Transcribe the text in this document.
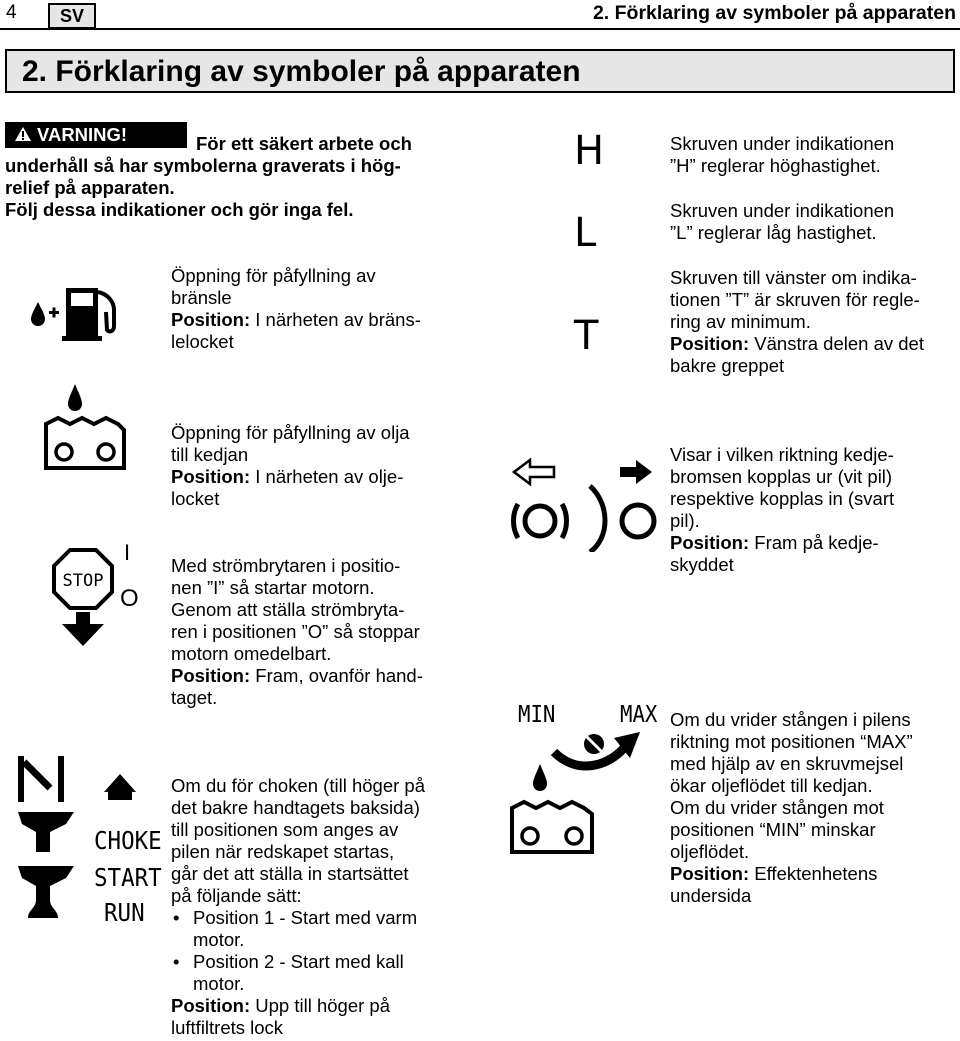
4	SV	2. Förklaring av symboler på apparaten
2. Förklaring av symboler på apparaten
VARNING!	För ett säkert arbete och
underhåll så har symbolerna graverats i hög-
relief på apparaten.
Följ dessa indikationer och gör inga fel.
Öppning för påfyllning av
bränsle
Position: I närheten av bräns-
lelocket
Öppning för påfyllning av olja
till kedjan
Position: I närheten av olje-
locket
STOP
I
O
Med strömbrytaren i positio-
nen ”I” så startar motorn.
Genom att ställa strömbryta-
ren i positionen ”O” så stoppar
motorn omedelbart.
Position: Fram, ovanför hand-
taget.
CHOKE
START
RUN
Om du för choken (till höger på
det bakre handtagets baksida)
till positionen som anges av
pilen när redskapet startas,
går det att ställa in startsättet
på följande sätt:
• Position 1 - Start med varm
motor.
• Position 2 - Start med kall
motor.
Position: Upp till höger på
luftfiltrets lock
H
L
T
Skruven under indikationen
”H” reglerar höghastighet.
Skruven under indikationen
”L” reglerar låg hastighet.
Skruven till vänster om indika-
tionen ”T” är skruven för regle-
ring av minimum.
Position: Vänstra delen av det
bakre greppet
Visar i vilken riktning kedje-
bromsen kopplas ur (vit pil)
respektive kopplas in (svart
pil).
Position: Fram på kedje-
skyddet
MIN	MAX Om du vrider stången i pilens
riktning mot positionen “MAX”
med hjälp av en skruvmejsel
ökar oljeflödet till kedjan.
Om du vrider stången mot
positionen “MIN” minskar
oljeflödet.
Position: Effektenhetens
undersida
